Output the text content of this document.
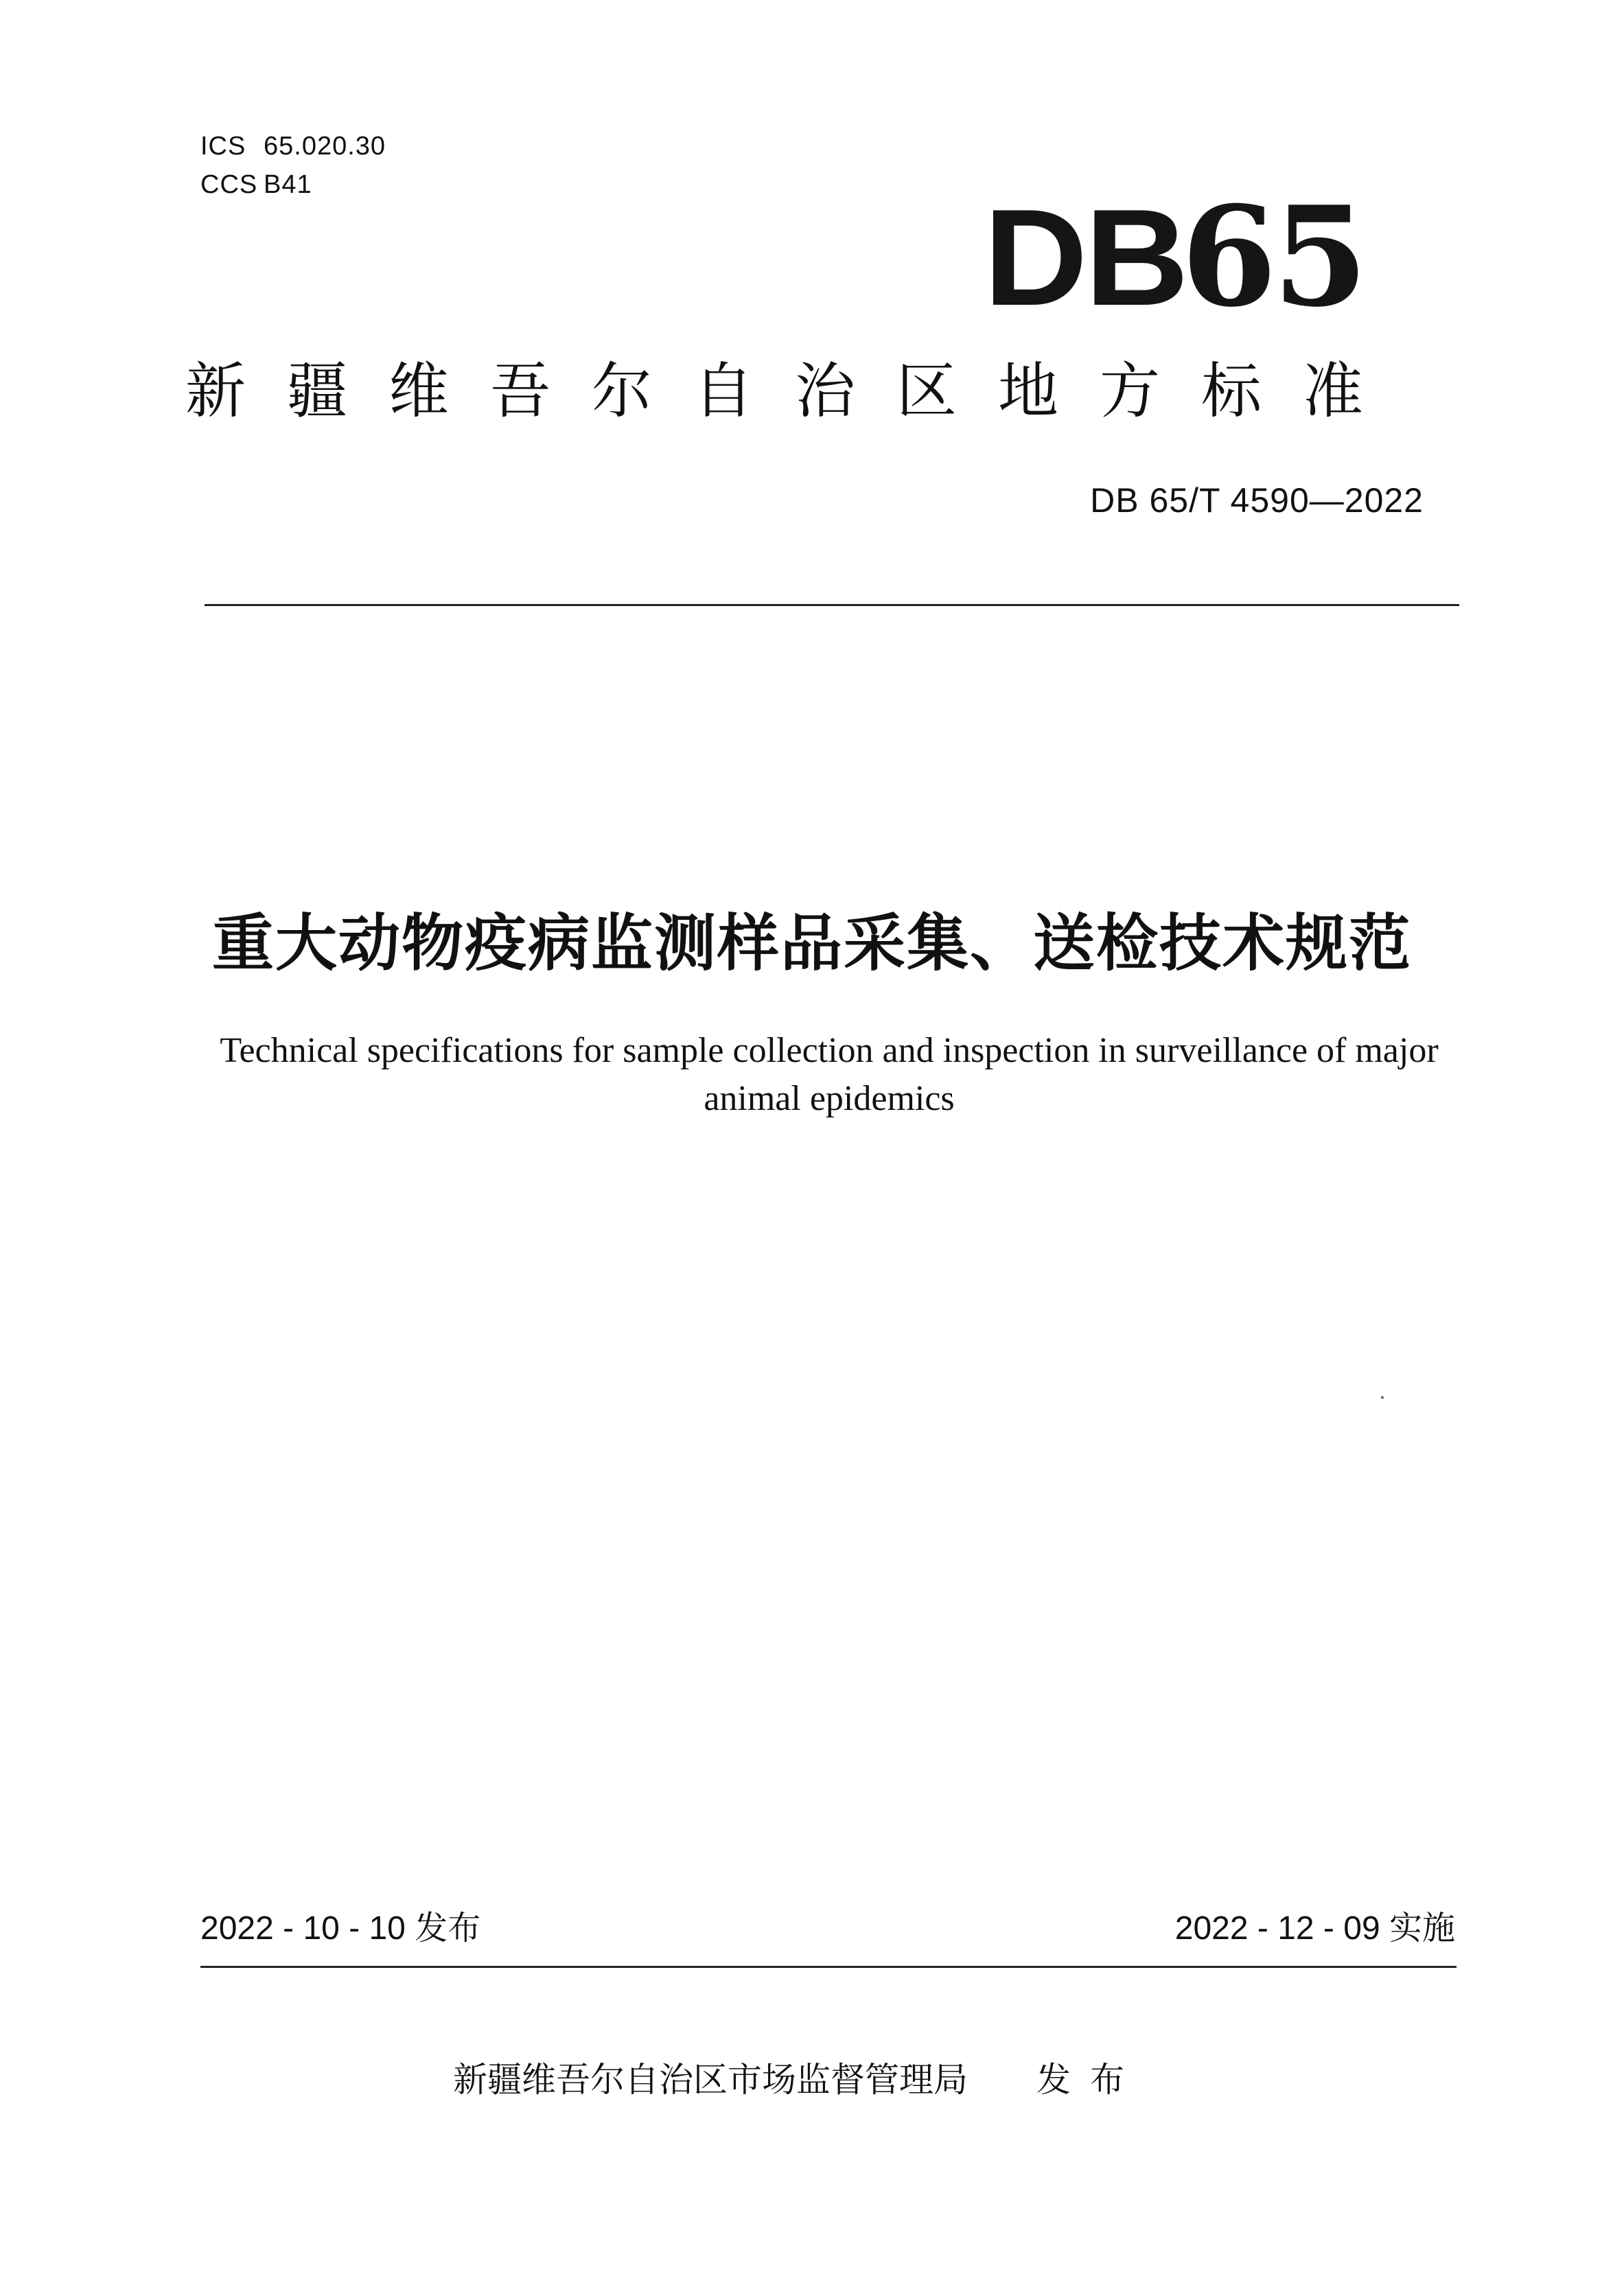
ICS 65.020.30
CCS B41	DB65
新疆维吾尔自治区地方标准
DB 65/T 4590—2022
重大动物疫病监测样品采集、送检技术规范
Technical specifications for sample collection and inspection in surveillance of major animal epidemics
2022 - 10 - 10 发布	2022 - 12 - 09 实施
新疆维吾尔自治区市场监督管理局 发布
